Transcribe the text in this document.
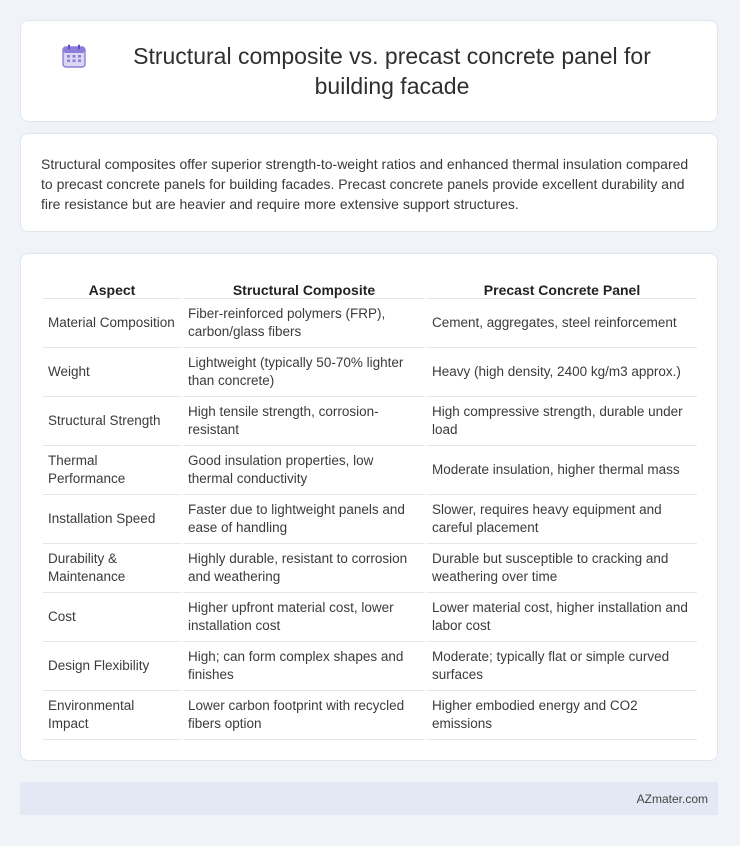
Structural composite vs. precast concrete panel for building facade

Structural composites offer superior strength-to-weight ratios and enhanced thermal insulation compared to precast concrete panels for building facades. Precast concrete panels provide excellent durability and fire resistance but are heavier and require more extensive support structures.

Aspect	Structural Composite	Precast Concrete Panel
Material Composition	Fiber-reinforced polymers (FRP), carbon/glass fibers	Cement, aggregates, steel reinforcement
Weight	Lightweight (typically 50-70% lighter than concrete)	Heavy (high density, 2400 kg/m3 approx.)
Structural Strength	High tensile strength, corrosion-resistant	High compressive strength, durable under load
Thermal Performance	Good insulation properties, low thermal conductivity	Moderate insulation, higher thermal mass
Installation Speed	Faster due to lightweight panels and ease of handling	Slower, requires heavy equipment and careful placement
Durability & Maintenance	Highly durable, resistant to corrosion and weathering	Durable but susceptible to cracking and weathering over time
Cost	Higher upfront material cost, lower installation cost	Lower material cost, higher installation and labor cost
Design Flexibility	High; can form complex shapes and finishes	Moderate; typically flat or simple curved surfaces
Environmental Impact	Lower carbon footprint with recycled fibers option	Higher embodied energy and CO2 emissions
AZmater.com
